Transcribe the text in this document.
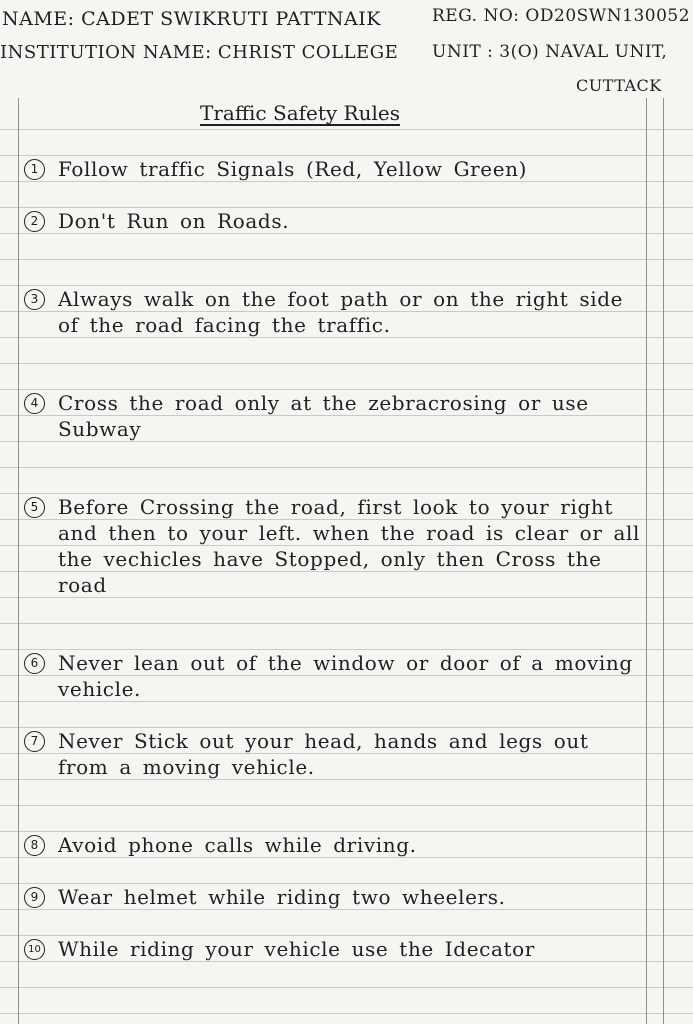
NAME: CADET SWIKRUTI PATTNAIK	REG. NO: OD20SWN130052
INSTITUTION NAME: CHRIST COLLEGE UNIT : 3(O) NAVAL UNIT,
CUTTACK
Traffic Safety Rules
1 Follow traffic Signals (Red, Yellow Green)
2 Don't Run on Roads.
3 Always walk on the foot path or on the right side of the road facing the traffic.
4 Cross the road only at the zebracrosing or use Subway
5 Before Crossing the road, first look to your right and then to your left. when the road is clear or all the vechicles have Stopped, only then Cross the road
6 Never lean out of the window or door of a moving vehicle.
7 Never Stick out your head, hands and legs out from a moving vehicle.
8 Avoid phone calls while driving.
9 Wear helmet while riding two wheelers.
10 While riding your vehicle use the Idecator
